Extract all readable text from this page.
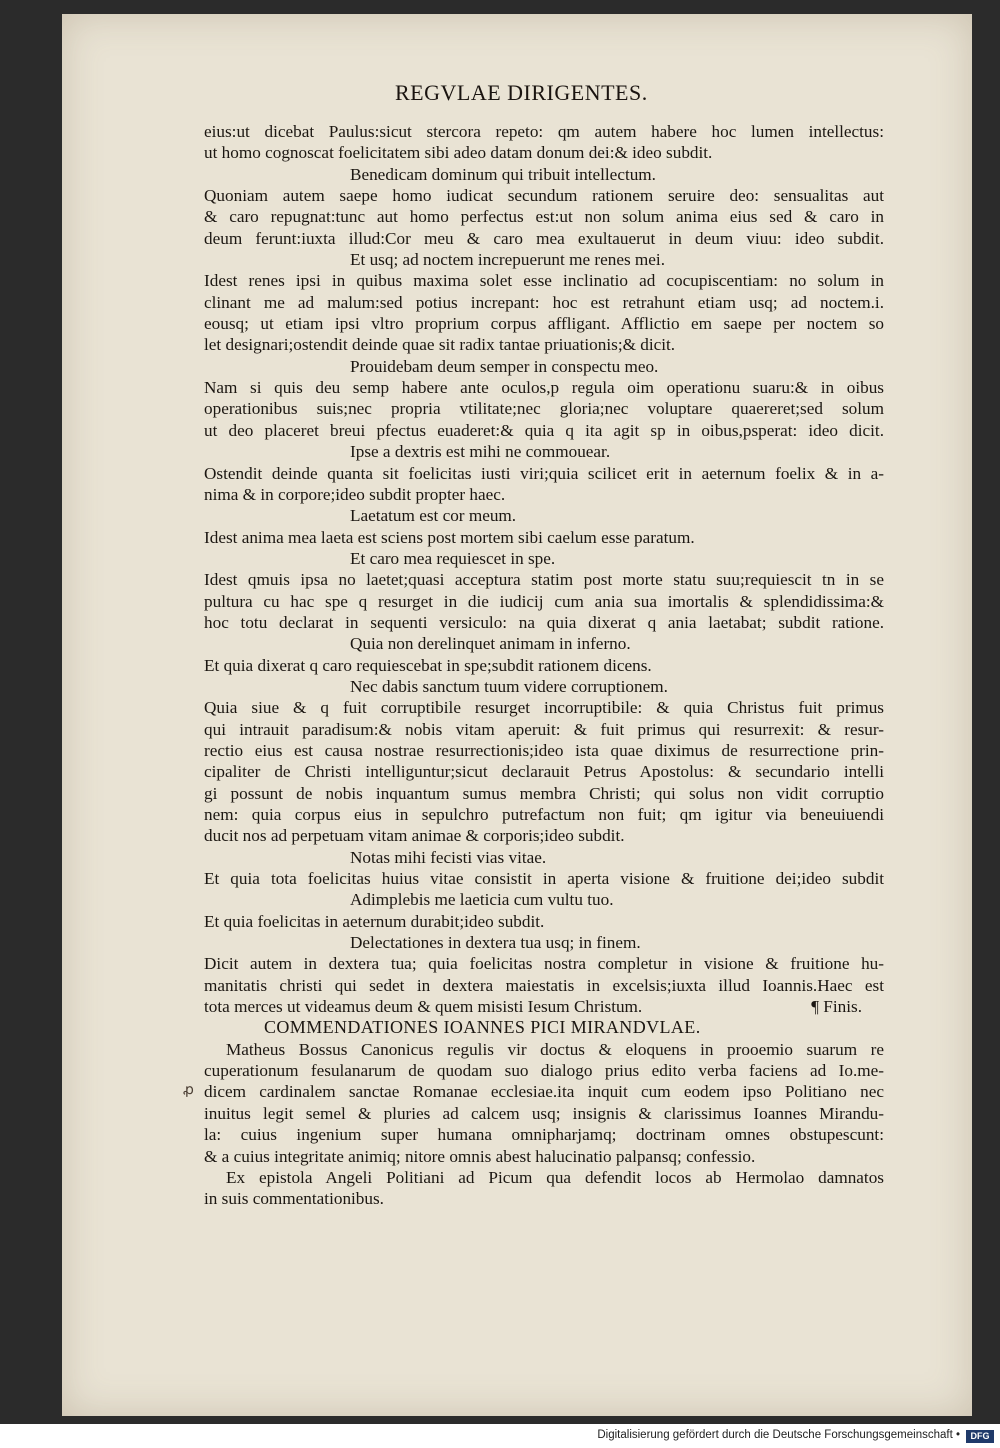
REGVLAE DIRIGENTES.
eius:ut dicebat Paulus:sicut stercora repeto: qm autem habere hoc lumen intellectus:
ut homo cognoscat foelicitatem sibi adeo datam donum dei:& ideo subdit.
Benedicam dominum qui tribuit intellectum.
Quoniam autem saepe homo iudicat secundum rationem seruire deo: sensualitas aut
& caro repugnat:tunc aut homo perfectus est:ut non solum anima eius sed & caro in
deum ferunt:iuxta illud:Cor meu & caro mea exultauerut in deum viuu: ideo subdit.
Et usq; ad noctem increpuerunt me renes mei.
Idest renes ipsi in quibus maxima solet esse inclinatio ad cocupiscentiam: no solum in
clinant me ad malum:sed potius increpant: hoc est retrahunt etiam usq; ad noctem.i.
eousq; ut etiam ipsi vltro proprium corpus affligant. Afflictio em saepe per noctem so
let designari;ostendit deinde quae sit radix tantae priuationis;& dicit.
Prouidebam deum semper in conspectu meo.
Nam si quis deu semp habere ante oculos,p regula oim operationu suaru:& in oibus
operationibus suis;nec propria vtilitate;nec gloria;nec voluptare quaereret;sed solum
ut deo placeret breui pfectus euaderet:& quia q ita agit sp in oibus,psperat: ideo dicit.
Ipse a dextris est mihi ne commouear.
Ostendit deinde quanta sit foelicitas iusti viri;quia scilicet erit in aeternum foelix & in a-
nima & in corpore;ideo subdit propter haec.
Laetatum est cor meum.
Idest anima mea laeta est sciens post mortem sibi caelum esse paratum.
Et caro mea requiescet in spe.
Idest qmuis ipsa no laetet;quasi acceptura statim post morte statu suu;requiescit tn in se
pultura cu hac spe q resurget in die iudicij cum ania sua imortalis & splendidissima:&
hoc totu declarat in sequenti versiculo: na quia dixerat q ania laetabat; subdit ratione.
Quia non derelinquet animam in inferno.
Et quia dixerat q caro requiescebat in spe;subdit rationem dicens.
Nec dabis sanctum tuum videre corruptionem.
Quia siue & q fuit corruptibile resurget incorruptibile: & quia Christus fuit primus
qui intrauit paradisum:& nobis vitam aperuit: & fuit primus qui resurrexit: & resur-
rectio eius est causa nostrae resurrectionis;ideo ista quae diximus de resurrectione prin-
cipaliter de Christi intelliguntur;sicut declarauit Petrus Apostolus: & secundario intelli
gi possunt de nobis inquantum sumus membra Christi; qui solus non vidit corruptio
nem: quia corpus eius in sepulchro putrefactum non fuit; qm igitur via beneuiuendi
ducit nos ad perpetuam vitam animae & corporis;ideo subdit.
Notas mihi fecisti vias vitae.
Et quia tota foelicitas huius vitae consistit in aperta visione & fruitione dei;ideo subdit
Adimplebis me laeticia cum vultu tuo.
Et quia foelicitas in aeternum durabit;ideo subdit.
Delectationes in dextera tua usq; in finem.
Dicit autem in dextera tua; quia foelicitas nostra completur in visione & fruitione hu-
manitatis christi qui sedet in dextera maiestatis in excelsis;iuxta illud Ioannis.Haec est
¶ Finis.
tota merces ut videamus deum & quem misisti Iesum Christum.
COMMENDATIONES IOANNES PICI MIRANDVLAE.
Matheus Bossus Canonicus regulis vir doctus & eloquens in prooemio suarum re
cuperationum fesulanarum de quodam suo dialogo prius edito verba faciens ad Io.me-
dicem cardinalem sanctae Romanae ecclesiae.ita inquit cum eodem ipso Politiano nec
inuitus legit semel & pluries ad calcem usq; insignis & clarissimus Ioannes Mirandu-
la: cuius ingenium super humana omnipharjamq; doctrinam omnes obstupescunt:
& a cuius integritate animiq; nitore omnis abest halucinatio palpansq; confessio.
Ex epistola Angeli Politiani ad Picum qua defendit locos ab Hermolao damnatos
in suis commentationibus.
ꝓ
Digitalisierung gefördert durch die Deutsche Forschungsgemeinschaft •	DFG
